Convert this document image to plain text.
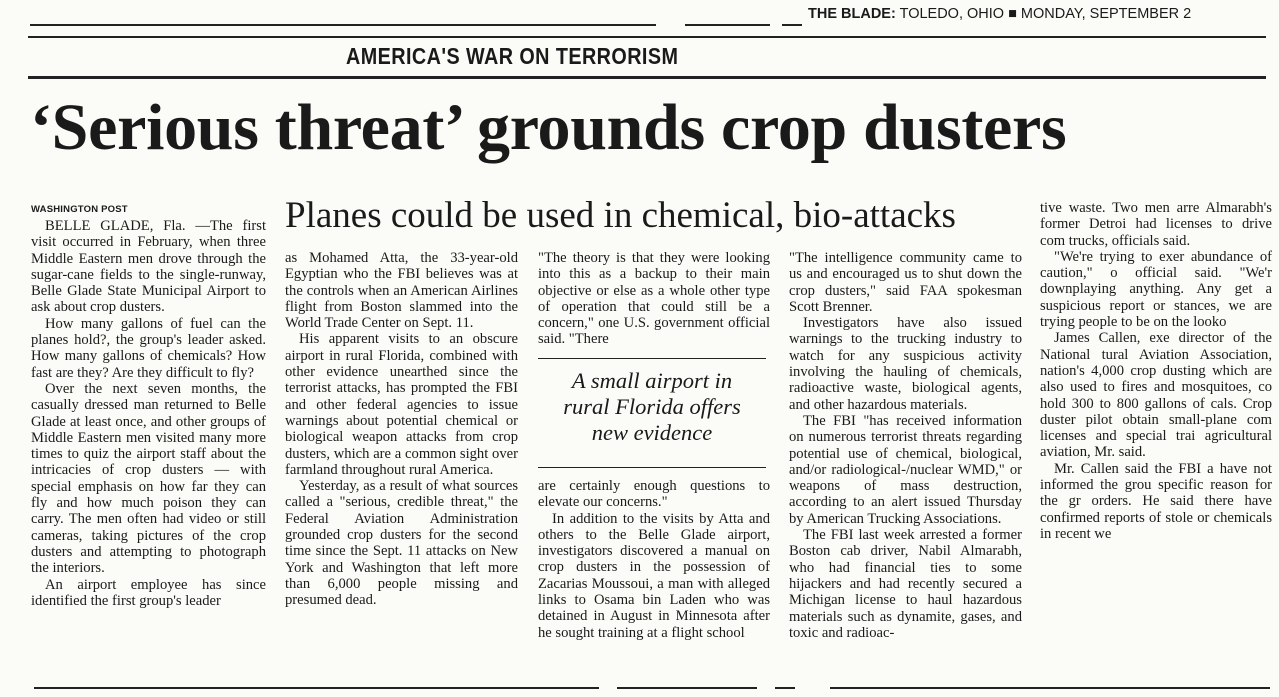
THE BLADE: TOLEDO, OHIO ■ MONDAY, SEPTEMBER 2
AMERICA'S WAR ON TERRORISM
‘Serious threat’ grounds crop dusters
WASHINGTON POST	Planes could be used in chemical, bio-attacks

BELLE GLADE, Fla. —The first visit occurred in February, when three Middle Eastern men drove through the sugar-cane fields to the single-runway, Belle Glade State Municipal Airport to ask about crop dusters.

How many gallons of fuel can the planes hold?, the group's leader asked. How many gallons of chemicals? How fast are they? Are they difficult to fly?

Over the next seven months, the casually dressed man returned to Belle Glade at least once, and other groups of Middle Eastern men visited many more times to quiz the airport staff about the intricacies of crop dusters — with special emphasis on how far they can fly and how much poison they can carry. The men often had video or still cameras, taking pictures of the crop dusters and attempting to photograph the interiors.

An airport employee has since identified the first group's leader

as Mohamed Atta, the 33-year-old Egyptian who the FBI believes was at the controls when an American Airlines flight from Boston slammed into the World Trade Center on Sept. 11.

His apparent visits to an obscure airport in rural Florida, combined with other evidence unearthed since the terrorist attacks, has prompted the FBI and other federal agencies to issue warnings about potential chemical or biological weapon attacks from crop dusters, which are a common sight over farmland throughout rural America.

Yesterday, as a result of what sources called a "serious, credible threat," the Federal Aviation Administration grounded crop dusters for the second time since the Sept. 11 attacks on New York and Washington that left more than 6,000 people missing and presumed dead.

"The theory is that they were looking into this as a backup to their main objective or else as a whole other type of operation that could still be a concern," one U.S. government official said. "There

A small airport in
rural Florida offers
new evidence

are certainly enough questions to elevate our concerns."

In addition to the visits by Atta and others to the Belle Glade airport, investigators discovered a manual on crop dusters in the possession of Zacarias Moussoui, a man with alleged links to Osama bin Laden who was detained in August in Minnesota after he sought training at a flight school

"The intelligence community came to us and encouraged us to shut down the crop dusters," said FAA spokesman Scott Brenner.

Investigators have also issued warnings to the trucking industry to watch for any suspicious activity involving the hauling of chemicals, radioactive waste, biological agents, and other hazardous materials.

The FBI "has received information on numerous terrorist threats regarding potential use of chemical, biological, and/or radiological-/nuclear WMD," or weapons of mass destruction, according to an alert issued Thursday by American Trucking Associations.

The FBI last week arrested a former Boston cab driver, Nabil Almarabh, who had financial ties to some hijackers and had recently secured a Michigan license to haul hazardous materials such as dynamite, gases, and toxic and radioac-

tive waste. Two men arre Almarabh's former Detroi had licenses to drive com trucks, officials said.

"We're trying to exer abundance of caution," o official said. "We'r downplaying anything. Any get a suspicious report or stances, we are trying people to be on the looko

James Callen, exe director of the National tural Aviation Association, nation's 4,000 crop dusting which are also used to fires and mosquitoes, co hold 300 to 800 gallons of cals. Crop duster pilot obtain small-plane com licenses and special trai agricultural aviation, Mr. said.

Mr. Callen said the FBI a have not informed the grou specific reason for the gr orders. He said there have confirmed reports of stole or chemicals in recent we
